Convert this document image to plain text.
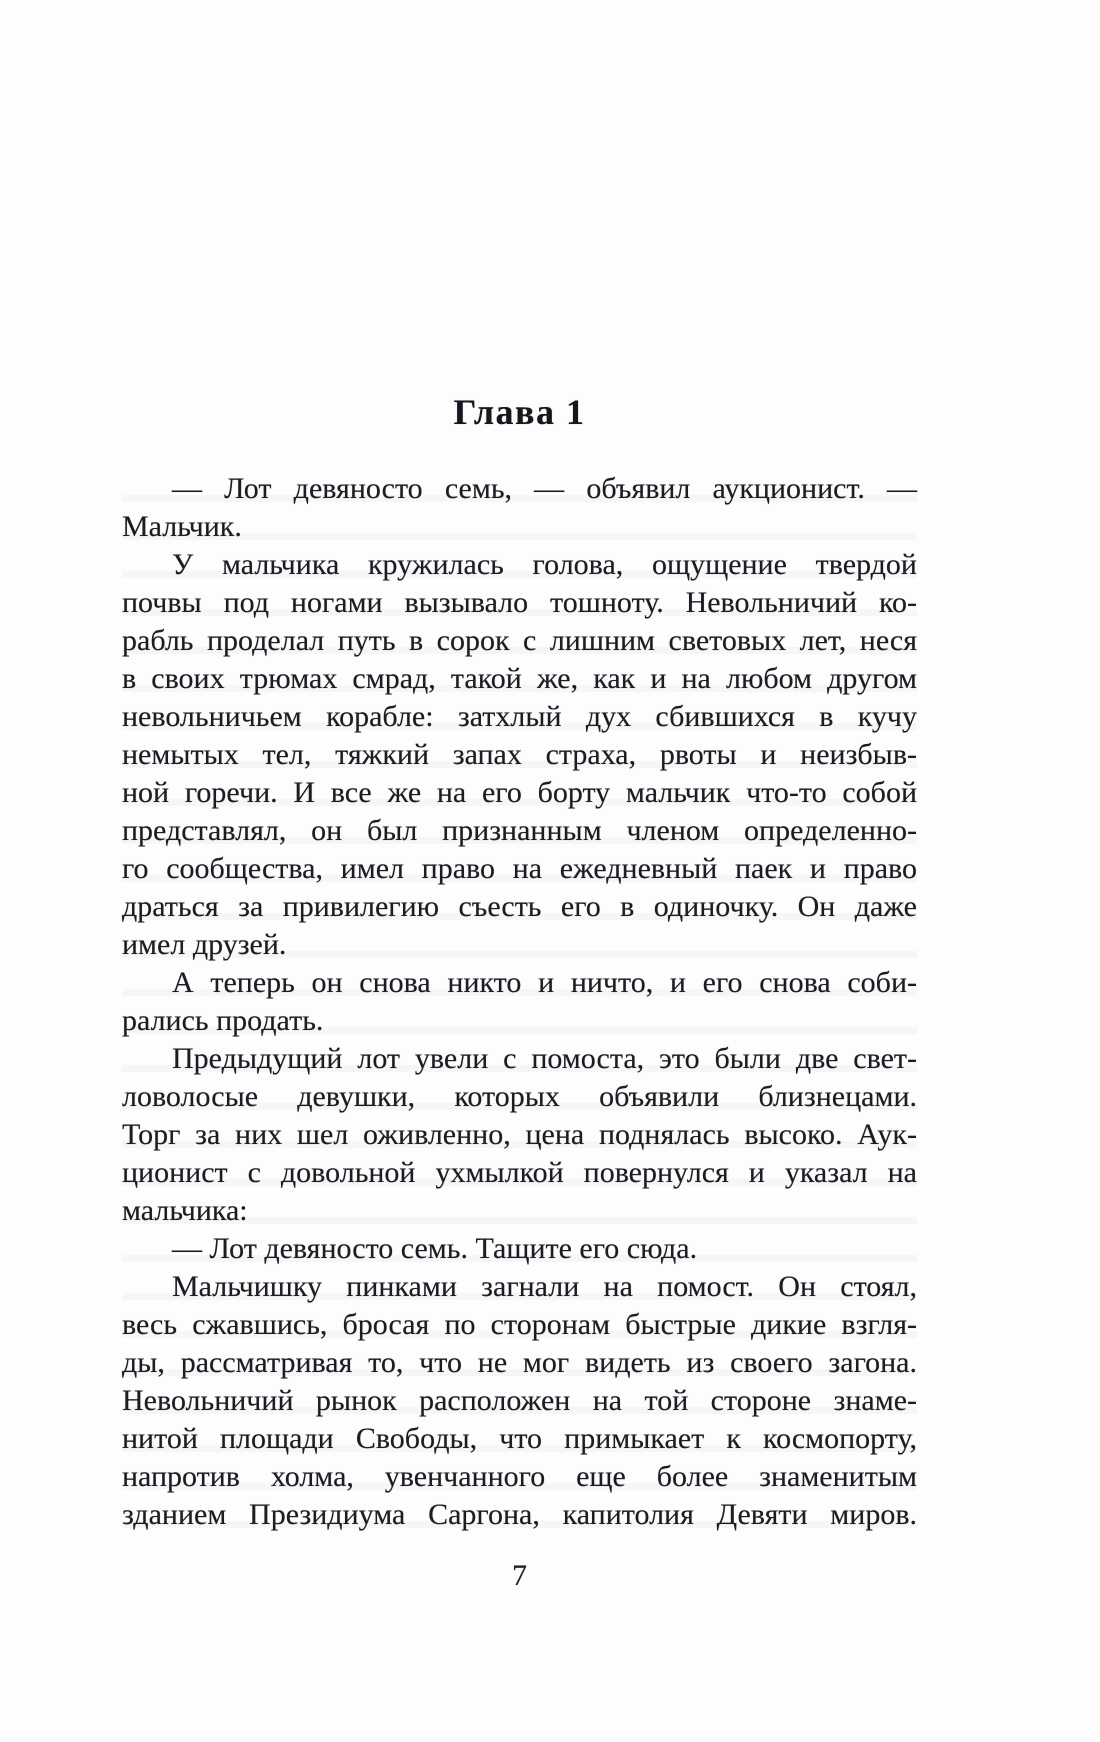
Глава 1
— Лот девяносто семь, — объявил аукционист. —
Мальчик.
У мальчика кружилась голова, ощущение твердой
почвы под ногами вызывало тошноту. Невольничий ко-
рабль проделал путь в сорок с лишним световых лет, неся
в своих трюмах смрад, такой же, как и на любом другом
невольничьем корабле: затхлый дух сбившихся в кучу
немытых тел, тяжкий запах страха, рвоты и неизбыв-
ной горечи. И все же на его борту мальчик что-то собой
представлял, он был признанным членом определенно-
го сообщества, имел право на ежедневный паек и право
драться за привилегию съесть его в одиночку. Он даже
имел друзей.
А теперь он снова никто и ничто, и его снова соби-
рались продать.
Предыдущий лот увели с помоста, это были две свет-
ловолосые девушки, которых объявили близнецами.
Торг за них шел оживленно, цена поднялась высоко. Аук-
ционист с довольной ухмылкой повернулся и указал на
мальчика:
— Лот девяносто семь. Тащите его сюда.
Мальчишку пинками загнали на помост. Он стоял,
весь сжавшись, бросая по сторонам быстрые дикие взгля-
ды, рассматривая то, что не мог видеть из своего загона.
Невольничий рынок расположен на той стороне знаме-
нитой площади Свободы, что примыкает к космопорту,
напротив холма, увенчанного еще более знаменитым
зданием Президиума Саргона, капитолия Девяти миров.
7
